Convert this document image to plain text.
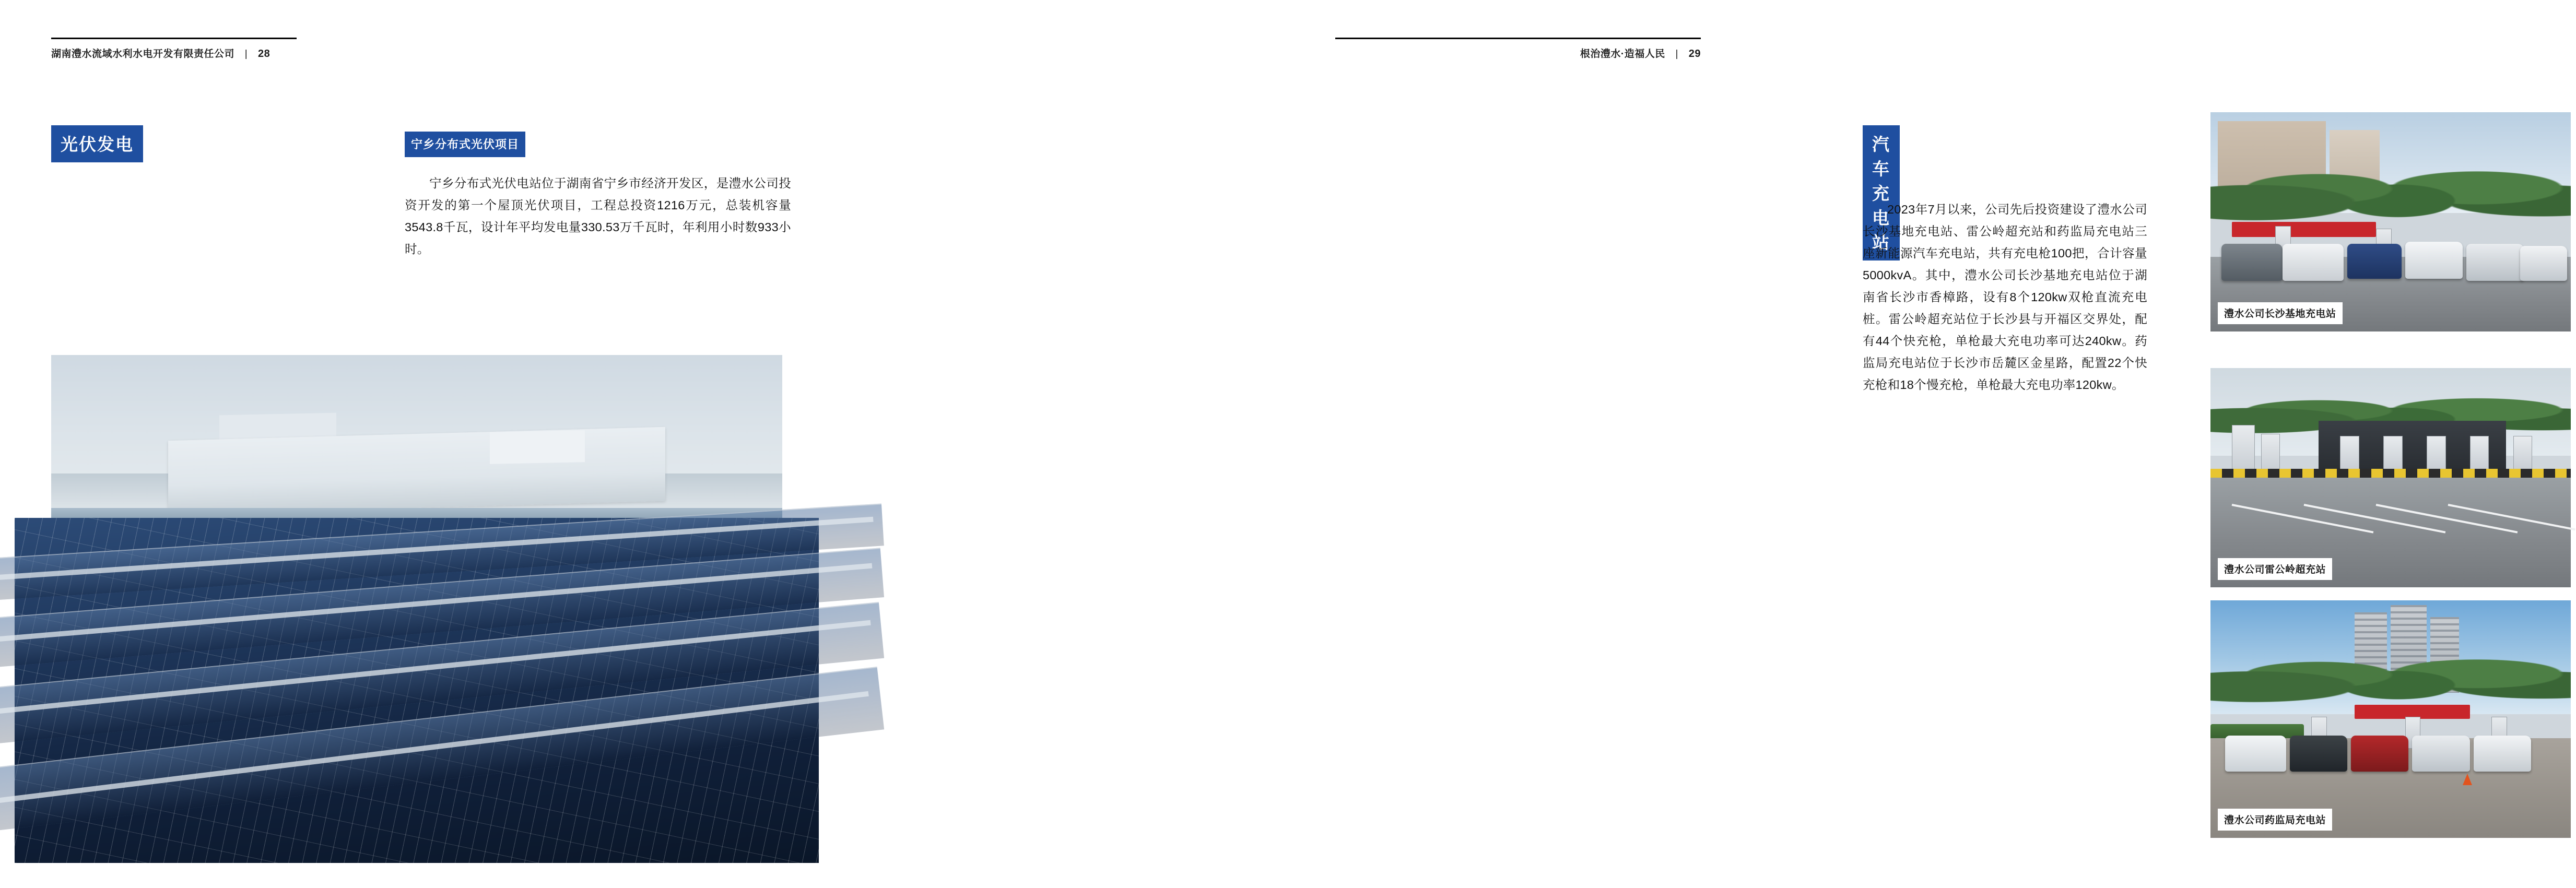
湖南澧水流域水利水电开发有限责任公司 | 28
光伏发电	宁乡分布式光伏项目

宁乡分布式光伏电站位于湖南省宁乡市经济开发区，是澧水公司投资开发的第一个屋顶光伏项目，工程总投资1216万元，总装机容量3543.8千瓦，设计年平均发电量330.53万千瓦时，年利用小时数933小时。

根治澧水·造福人民 | 29
汽车充电站

2023年7月以来，公司先后投资建设了澧水公司长沙基地充电站、雷公岭超充站和药监局充电站三座新能源汽车充电站，共有充电枪100把，合计容量5000kvA。其中，澧水公司长沙基地充电站位于湖南省长沙市香樟路，设有8个120kw双枪直流充电桩。雷公岭超充站位于长沙县与开福区交界处，配有44个快充枪，单枪最大充电功率可达240kw。药监局充电站位于长沙市岳麓区金星路，配置22个快充枪和18个慢充枪，单枪最大充电功率120kw。

澧水公司长沙基地充电站
澧水公司雷公岭超充站
澧水公司药监局充电站
